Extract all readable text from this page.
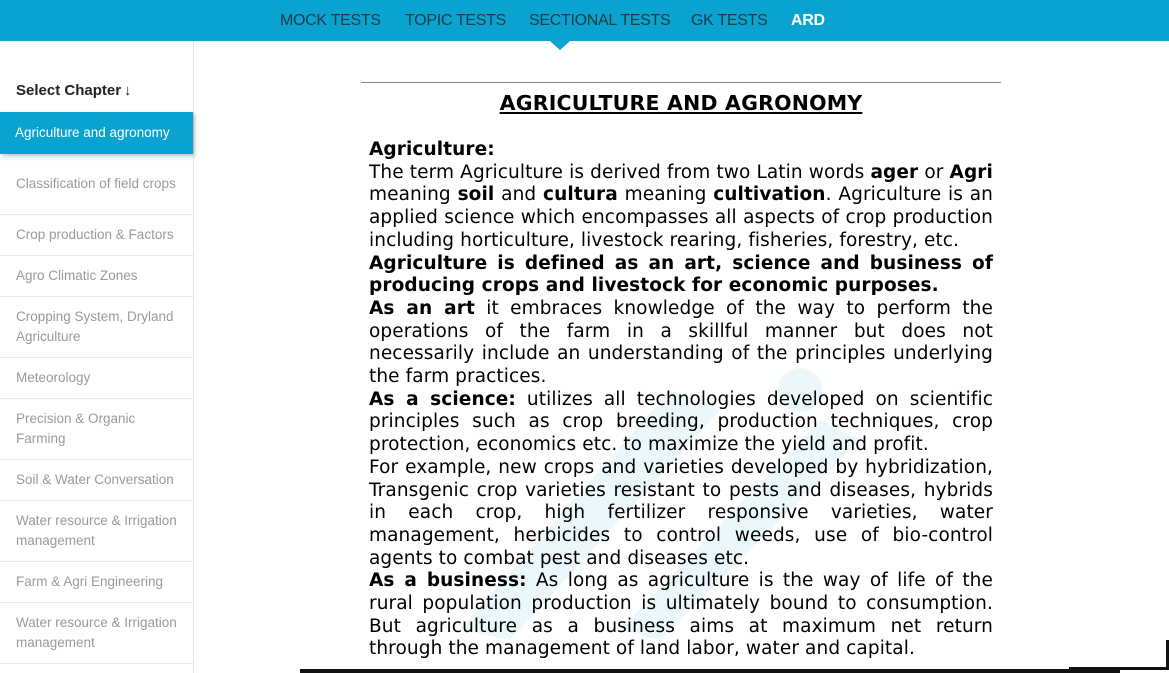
MOCK TESTS TOPIC TESTS SECTIONAL TESTS GK TESTS ARD
Select Chapter ↓
Agriculture and agronomy
Classification of field crops
Crop production & Factors
Agro Climatic Zones
Cropping System, Dryland Agriculture
Meteorology
Precision & Organic Farming
Soil & Water Conversation
Water resource & Irrigation management
Farm & Agri Engineering
Water resource & Irrigation management
AGRICULTURE AND AGRONOMY

Agriculture:

The term Agriculture is derived from two Latin words ager or Agri meaning soil and cultura meaning cultivation. Agriculture is an applied science which encompasses all aspects of crop production including horticulture, livestock rearing, fisheries, forestry, etc.

Agriculture is defined as an art, science and business of producing crops and livestock for economic purposes.

As an art it embraces knowledge of the way to perform the operations of the farm in a skillful manner but does not necessarily include an understanding of the principles underlying the farm practices.

As a science: utilizes all technologies developed on scientific principles such as crop breeding, production techniques, crop protection, economics etc. to maximize the yield and profit.

For example, new crops and varieties developed by hybridization, Transgenic crop varieties resistant to pests and diseases, hybrids in each crop, high fertilizer responsive varieties, water management, herbicides to control weeds, use of bio-control agents to combat pest and diseases etc.

As a business: As long as agriculture is the way of life of the rural population production is ultimately bound to consumption. But agriculture as a business aims at maximum net return through the management of land labor, water and capital.
